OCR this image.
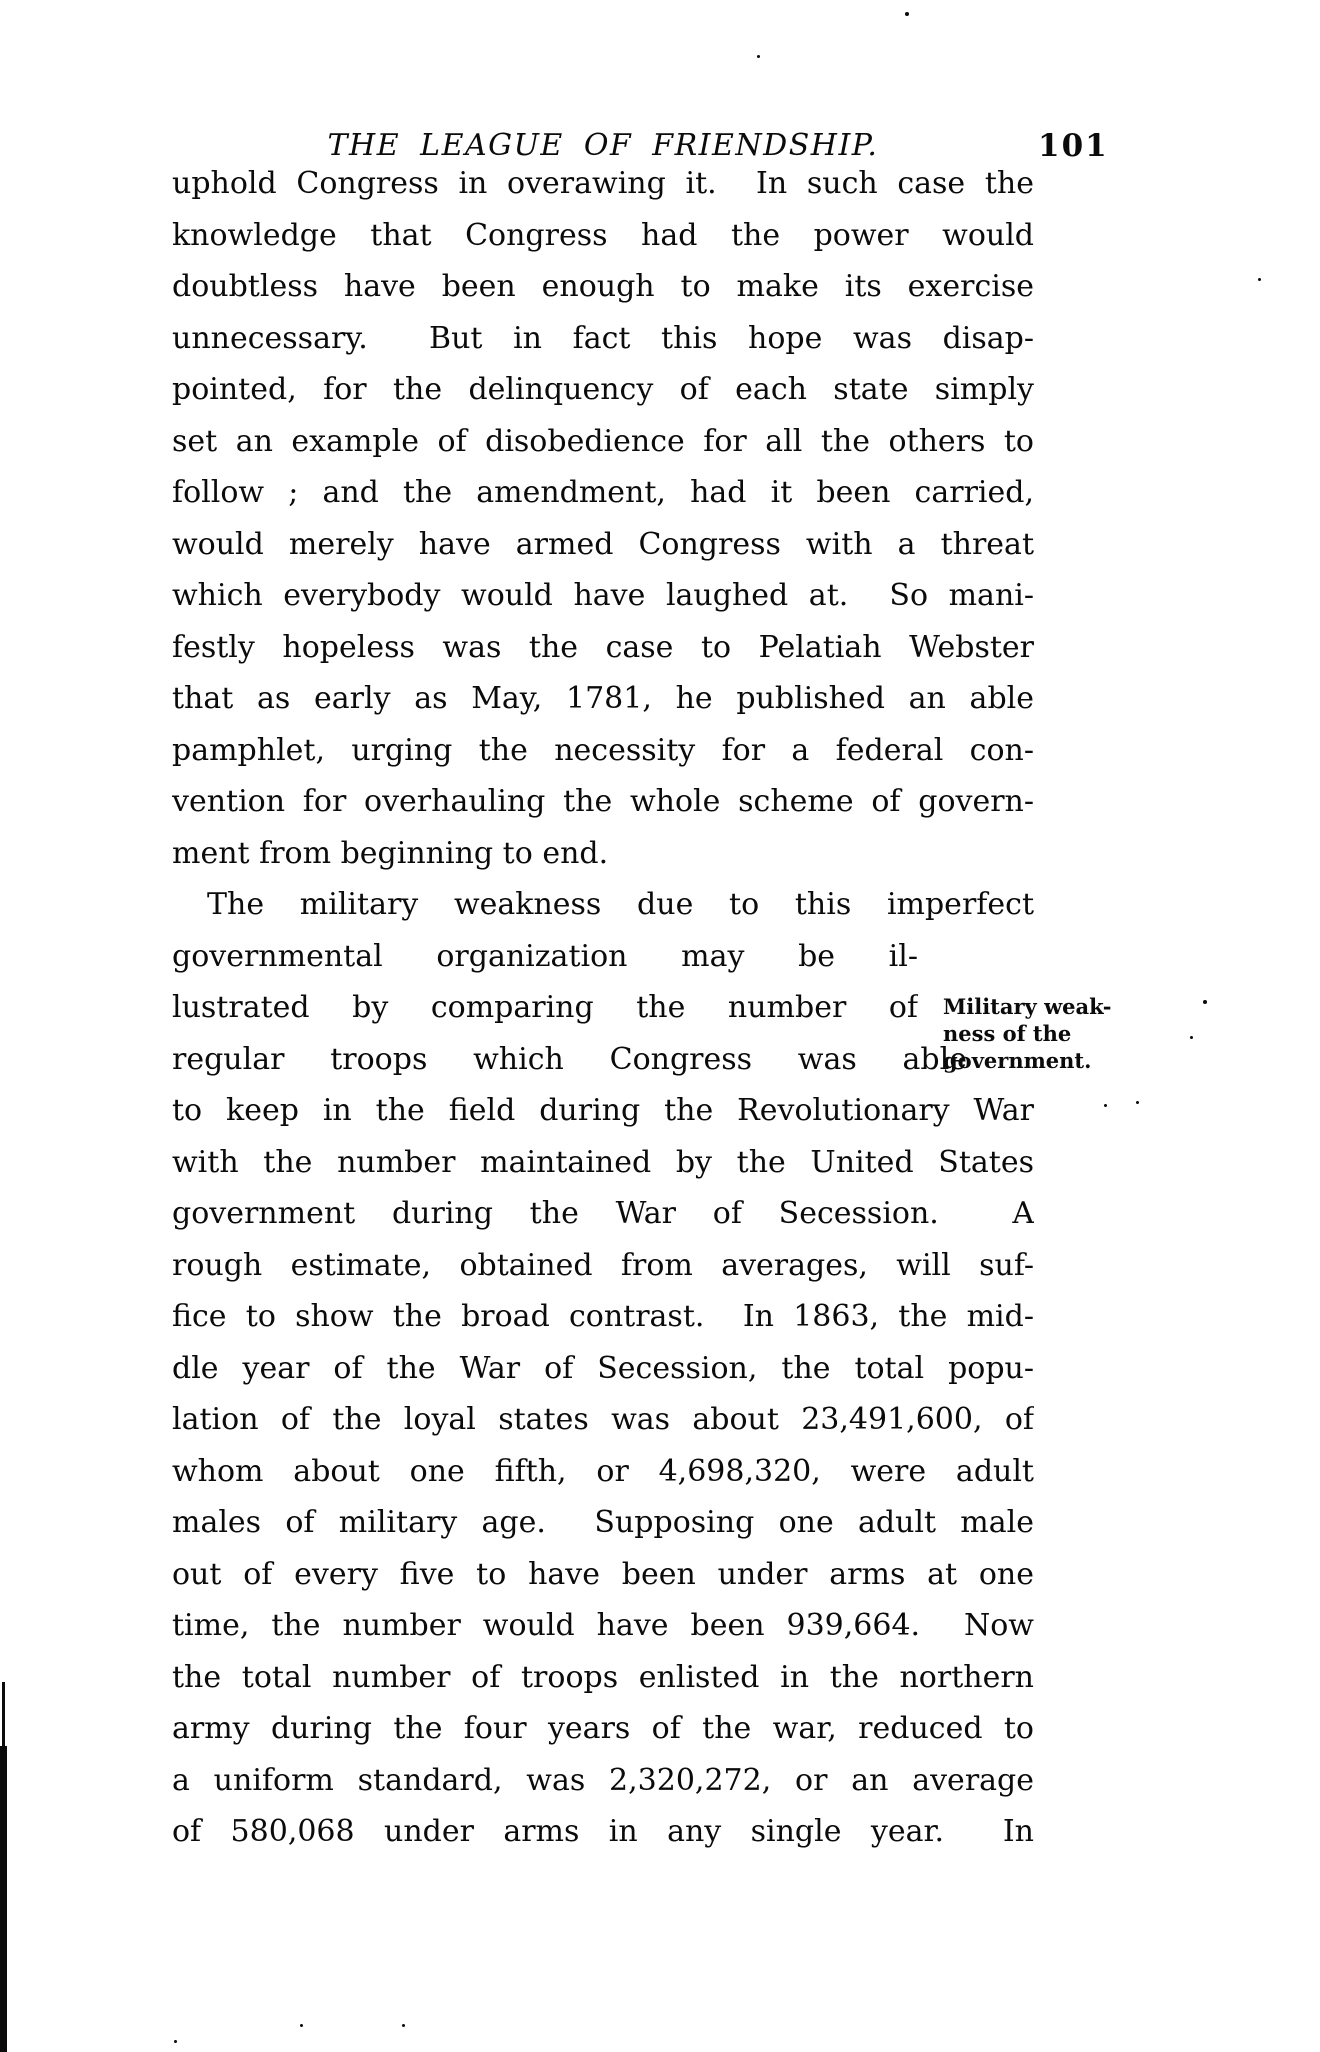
THE LEAGUE OF FRIENDSHIP.	101
uphold Congress in overawing it.  In such case the
knowledge that Congress had the power would
doubtless have been enough to make its exercise
unnecessary.  But in fact this hope was disap-
pointed, for the delinquency of each state simply
set an example of disobedience for all the others to
follow ; and the amendment, had it been carried,
would merely have armed Congress with a threat
which everybody would have laughed at.  So mani-
festly hopeless was the case to Pelatiah Webster
that as early as May, 1781, he published an able
pamphlet, urging the necessity for a federal con-
vention for overhauling the whole scheme of govern-
ment from beginning to end.
The military weakness due to this imperfect
governmental organization may be il-
lustrated by comparing the number of
regular troops which Congress was able
to keep in the field during the Revolutionary War
with the number maintained by the United States
government during the War of Secession.  A
rough estimate, obtained from averages, will suf-
fice to show the broad contrast.  In 1863, the mid-
dle year of the War of Secession, the total popu-
lation of the loyal states was about 23,491,600, of
whom about one fifth, or 4,698,320, were adult
males of military age.  Supposing one adult male
out of every five to have been under arms at one
time, the number would have been 939,664.  Now
the total number of troops enlisted in the northern
army during the four years of the war, reduced to
a uniform standard, was 2,320,272, or an average
of 580,068 under arms in any single year.  In
Military weak-
ness of the
government.
